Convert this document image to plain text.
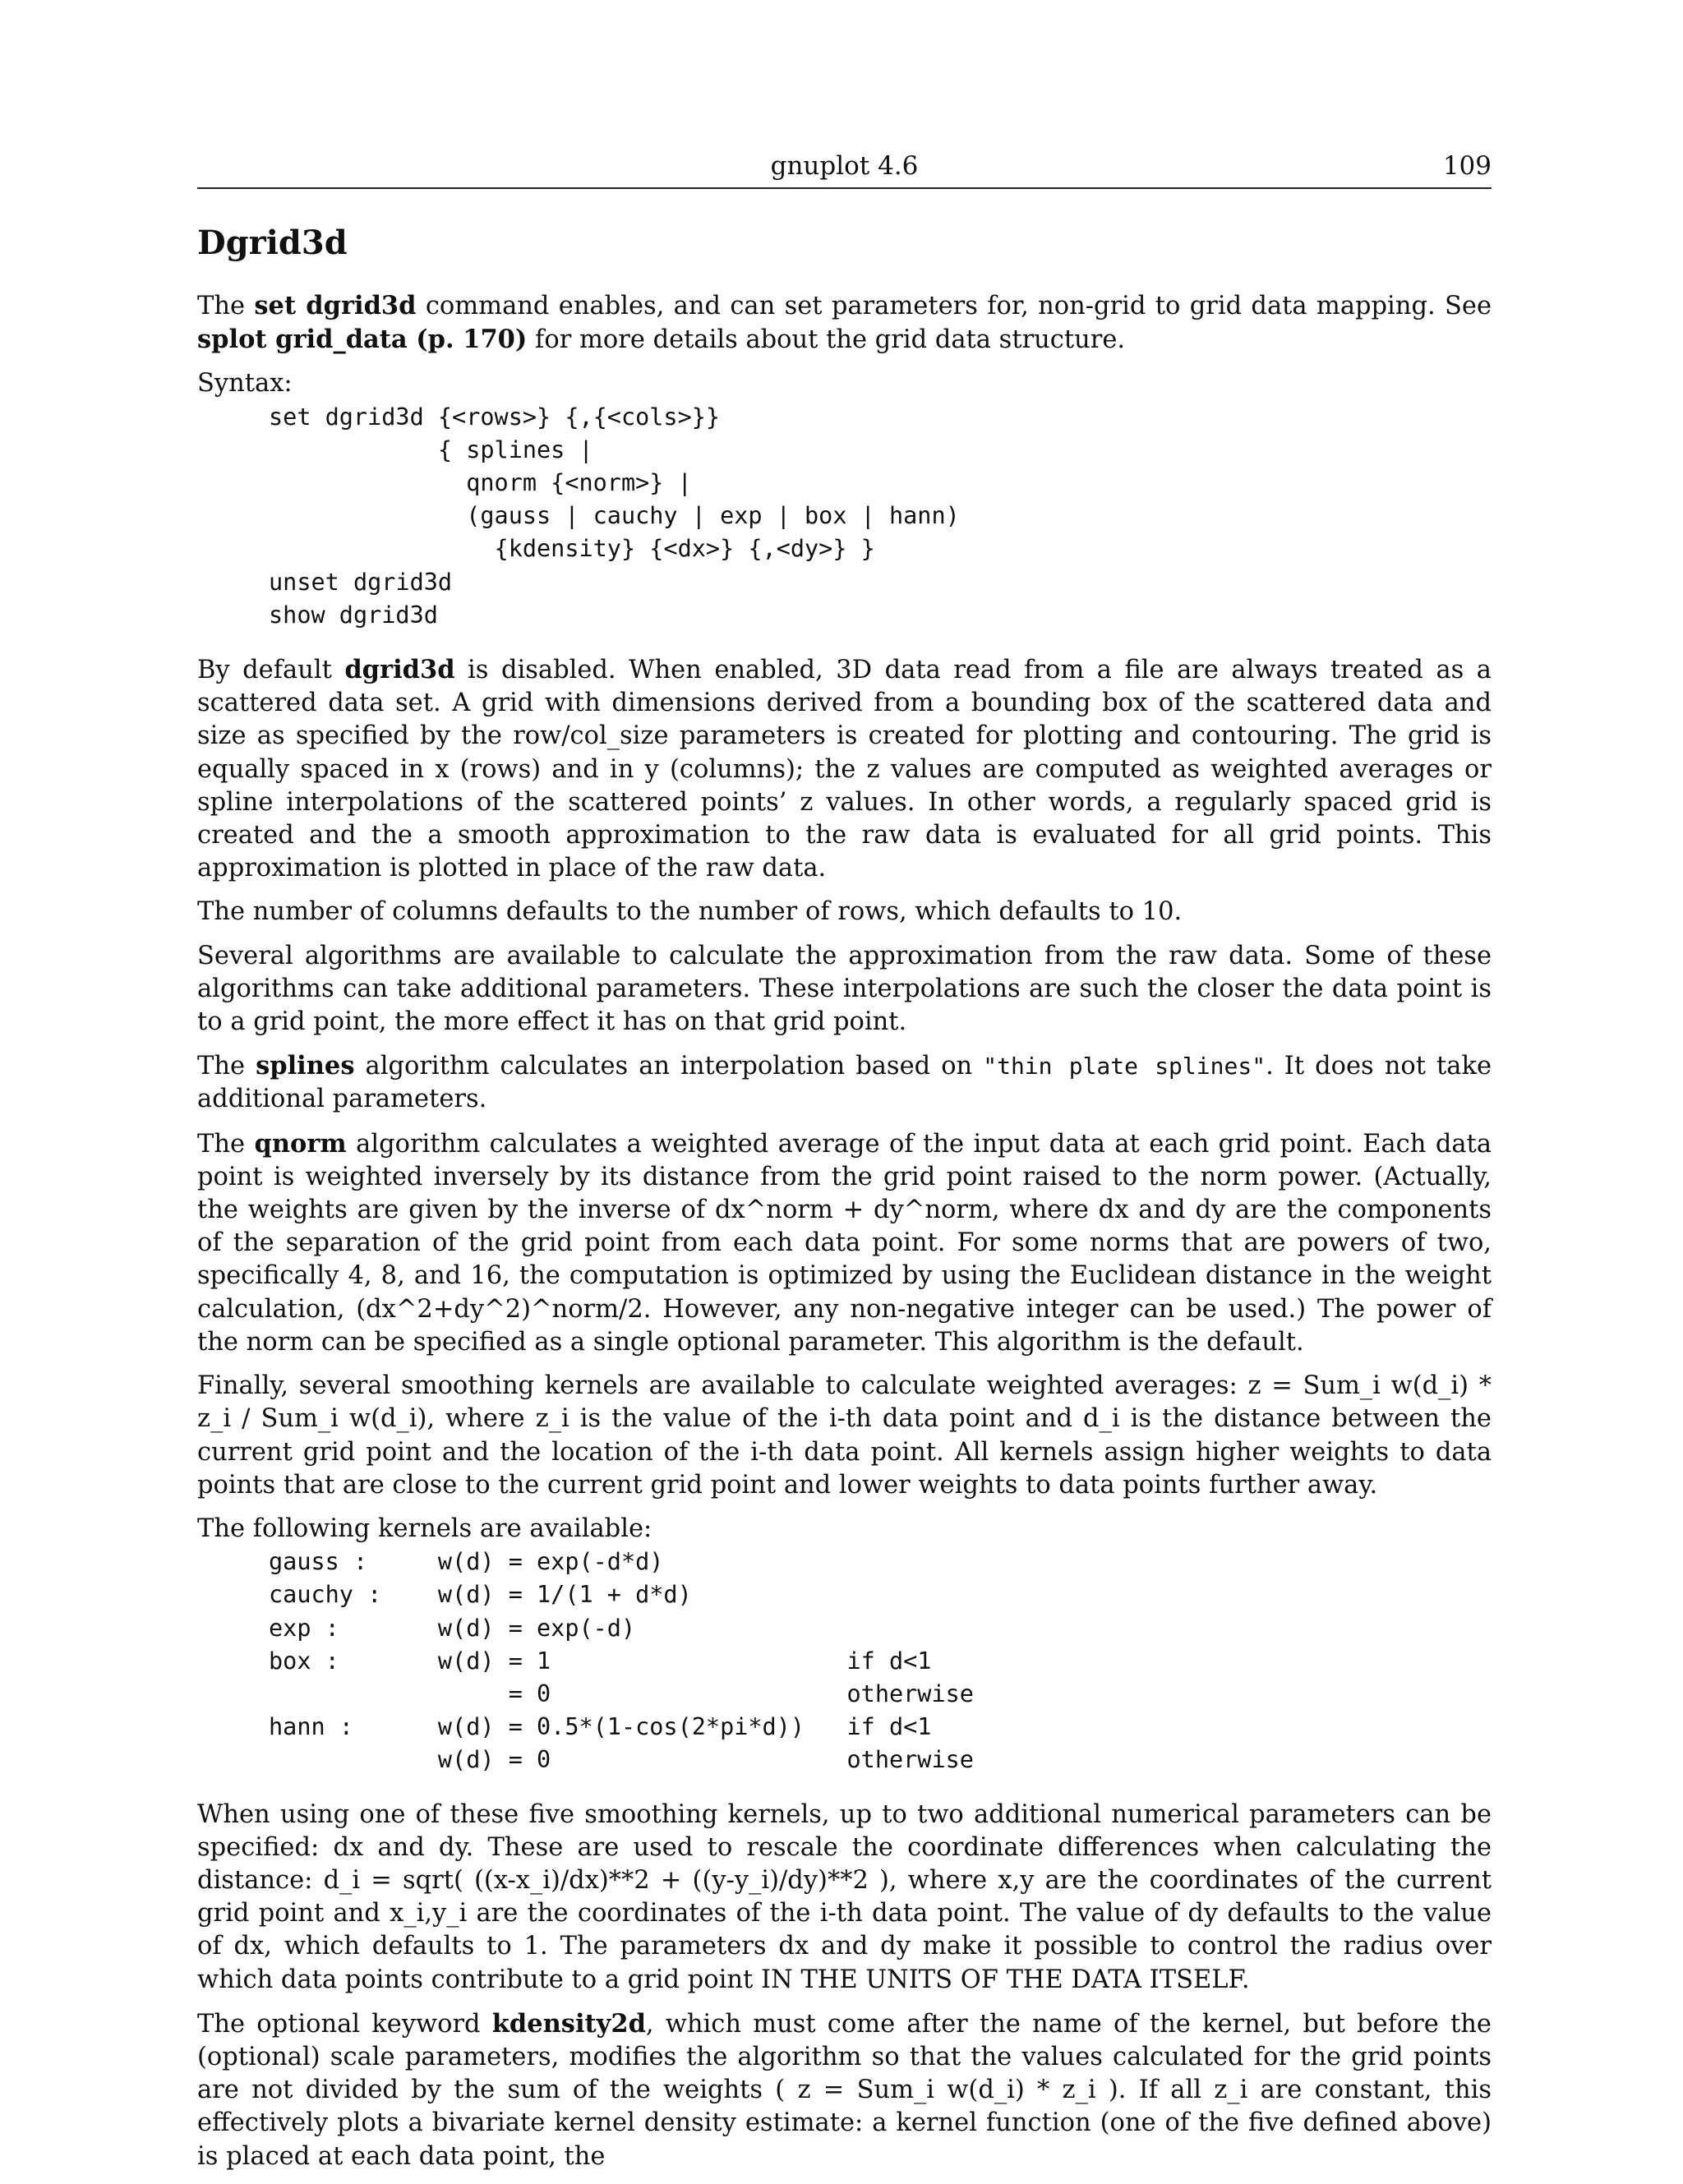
gnuplot 4.6	109
Dgrid3d

The set dgrid3d command enables, and can set parameters for, non-grid to grid data mapping. See splot grid_data (p. 170) for more details about the grid data structure.

Syntax:

set dgrid3d {<rows>} {,{<cols>}}
{ splines |
qnorm {<norm>} |
(gauss | cauchy | exp | box | hann)
{kdensity} {<dx>} {,<dy>} }
unset dgrid3d
show dgrid3d

By default dgrid3d is disabled. When enabled, 3D data read from a file are always treated as a scattered data set. A grid with dimensions derived from a bounding box of the scattered data and size as specified by the row/col_size parameters is created for plotting and contouring. The grid is equally spaced in x (rows) and in y (columns); the z values are computed as weighted averages or spline interpolations of the scattered points’ z values. In other words, a regularly spaced grid is created and the a smooth approximation to the raw data is evaluated for all grid points. This approximation is plotted in place of the raw data.

The number of columns defaults to the number of rows, which defaults to 10.

Several algorithms are available to calculate the approximation from the raw data. Some of these algorithms can take additional parameters. These interpolations are such the closer the data point is to a grid point, the more effect it has on that grid point.

The splines algorithm calculates an interpolation based on "thin plate splines". It does not take additional parameters.

The qnorm algorithm calculates a weighted average of the input data at each grid point. Each data point is weighted inversely by its distance from the grid point raised to the norm power. (Actually, the weights are given by the inverse of dx^norm + dy^norm, where dx and dy are the components of the separation of the grid point from each data point. For some norms that are powers of two, specifically 4, 8, and 16, the computation is optimized by using the Euclidean distance in the weight calculation, (dx^2+dy^2)^norm/2. However, any non-negative integer can be used.) The power of the norm can be specified as a single optional parameter. This algorithm is the default.

Finally, several smoothing kernels are available to calculate weighted averages: z = Sum_i w(d_i) * z_i / Sum_i w(d_i), where z_i is the value of the i-th data point and d_i is the distance between the current grid point and the location of the i-th data point. All kernels assign higher weights to data points that are close to the current grid point and lower weights to data points further away.

The following kernels are available:

gauss :     w(d) = exp(-d*d)
cauchy :    w(d) = 1/(1 + d*d)
exp :       w(d) = exp(-d)
box :       w(d) = 1                     if d<1
= 0                     otherwise
hann :      w(d) = 0.5*(1-cos(2*pi*d))   if d<1
w(d) = 0                     otherwise

When using one of these five smoothing kernels, up to two additional numerical parameters can be specified: dx and dy. These are used to rescale the coordinate differences when calculating the distance: d_i = sqrt( ((x-x_i)/dx)**2 + ((y-y_i)/dy)**2 ), where x,y are the coordinates of the current grid point and x_i,y_i are the coordinates of the i-th data point. The value of dy defaults to the value of dx, which defaults to 1. The parameters dx and dy make it possible to control the radius over which data points contribute to a grid point IN THE UNITS OF THE DATA ITSELF.

The optional keyword kdensity2d, which must come after the name of the kernel, but before the (optional) scale parameters, modifies the algorithm so that the values calculated for the grid points are not divided by the sum of the weights ( z = Sum_i w(d_i) * z_i ). If all z_i are constant, this effectively plots a bivariate kernel density estimate: a kernel function (one of the five defined above) is placed at each data point, the
